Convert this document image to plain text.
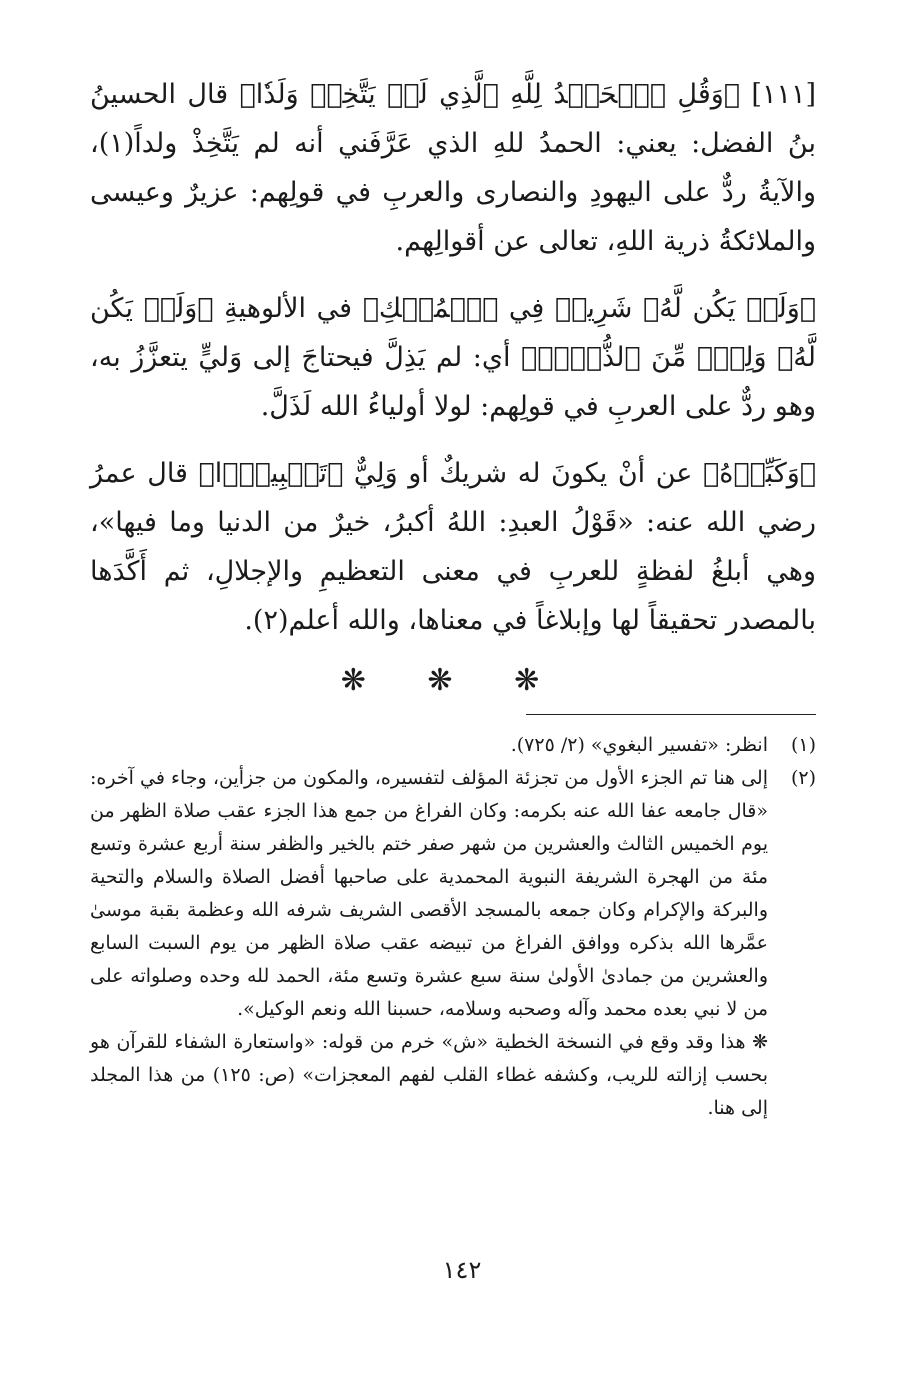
[١١١] ﴿وَقُلِ ٱلۡحَمۡدُ لِلَّهِ ٱلَّذِي لَمۡ يَتَّخِذۡ وَلَدٗا﴾ قال الحسينُ بنُ الفضل: يعني: الحمدُ للهِ الذي عَرَّفَني أنه لم يَتَّخِذْ ولداً(١)، والآيةُ ردٌّ على اليهودِ والنصارى والعربِ في قولِهم: عزيرٌ وعيسى والملائكةُ ذرية اللهِ، تعالى عن أقوالِهم.

﴿وَلَمۡ يَكُن لَّهُۥ شَرِيكٞ فِي ٱلۡمُلۡكِ﴾ في الألوهيةِ ﴿وَلَمۡ يَكُن لَّهُۥ وَلِيّٞ مِّنَ ٱلذُّلِّۖ﴾ أي: لم يَذِلَّ فيحتاجَ إلى وَليٍّ يتعزَّزُ به، وهو ردٌّ على العربِ في قولِهم: لولا أولياءُ الله لَذَلَّ.

﴿وَكَبِّرۡهُ﴾ عن أنْ يكونَ له شريكٌ أو وَلِيٌّ ﴿تَكۡبِيرَۢا﴾ قال عمرُ رضي الله عنه: «قَوْلُ العبدِ: اللهُ أكبرُ، خيرٌ من الدنيا وما فيها»، وهي أبلغُ لفظةٍ للعربِ في معنى التعظيمِ والإجلالِ، ثم أَكَّدَها بالمصدر تحقيقاً لها وإبلاغاً في معناها، والله أعلم(٢).

❋ ❋ ❋
(١)
انظر: «تفسير البغوي» (٢/ ٧٢٥).
(٢)
إلى هنا تم الجزء الأول من تجزئة المؤلف لتفسيره، والمكون من جزأين، وجاء في آخره: «قال جامعه عفا الله عنه بكرمه: وكان الفراغ من جمع هذا الجزء عقب صلاة الظهر من يوم الخميس الثالث والعشرين من شهر صفر ختم بالخير والظفر سنة أربع عشرة وتسع مئة من الهجرة الشريفة النبوية المحمدية على صاحبها أفضل الصلاة والسلام والتحية والبركة والإكرام وكان جمعه بالمسجد الأقصى الشريف شرفه الله وعظمة بقبة موسىٰ عمَّرها الله بذكره ووافق الفراغ من تبيضه عقب صلاة الظهر من يوم السبت السابع والعشرين من جمادىٰ الأولىٰ سنة سبع عشرة وتسع مئة، الحمد لله وحده وصلواته على من لا نبي بعده محمد وآله وصحبه وسلامه، حسبنا الله ونعم الوكيل».
❋ هذا وقد وقع في النسخة الخطية «ش» خرم من قوله: «واستعارة الشفاء للقرآن هو بحسب إزالته للريب، وكشفه غطاء القلب لفهم المعجزات» (ص: ١٢٥) من هذا المجلد إلى هنا.
١٤٢
